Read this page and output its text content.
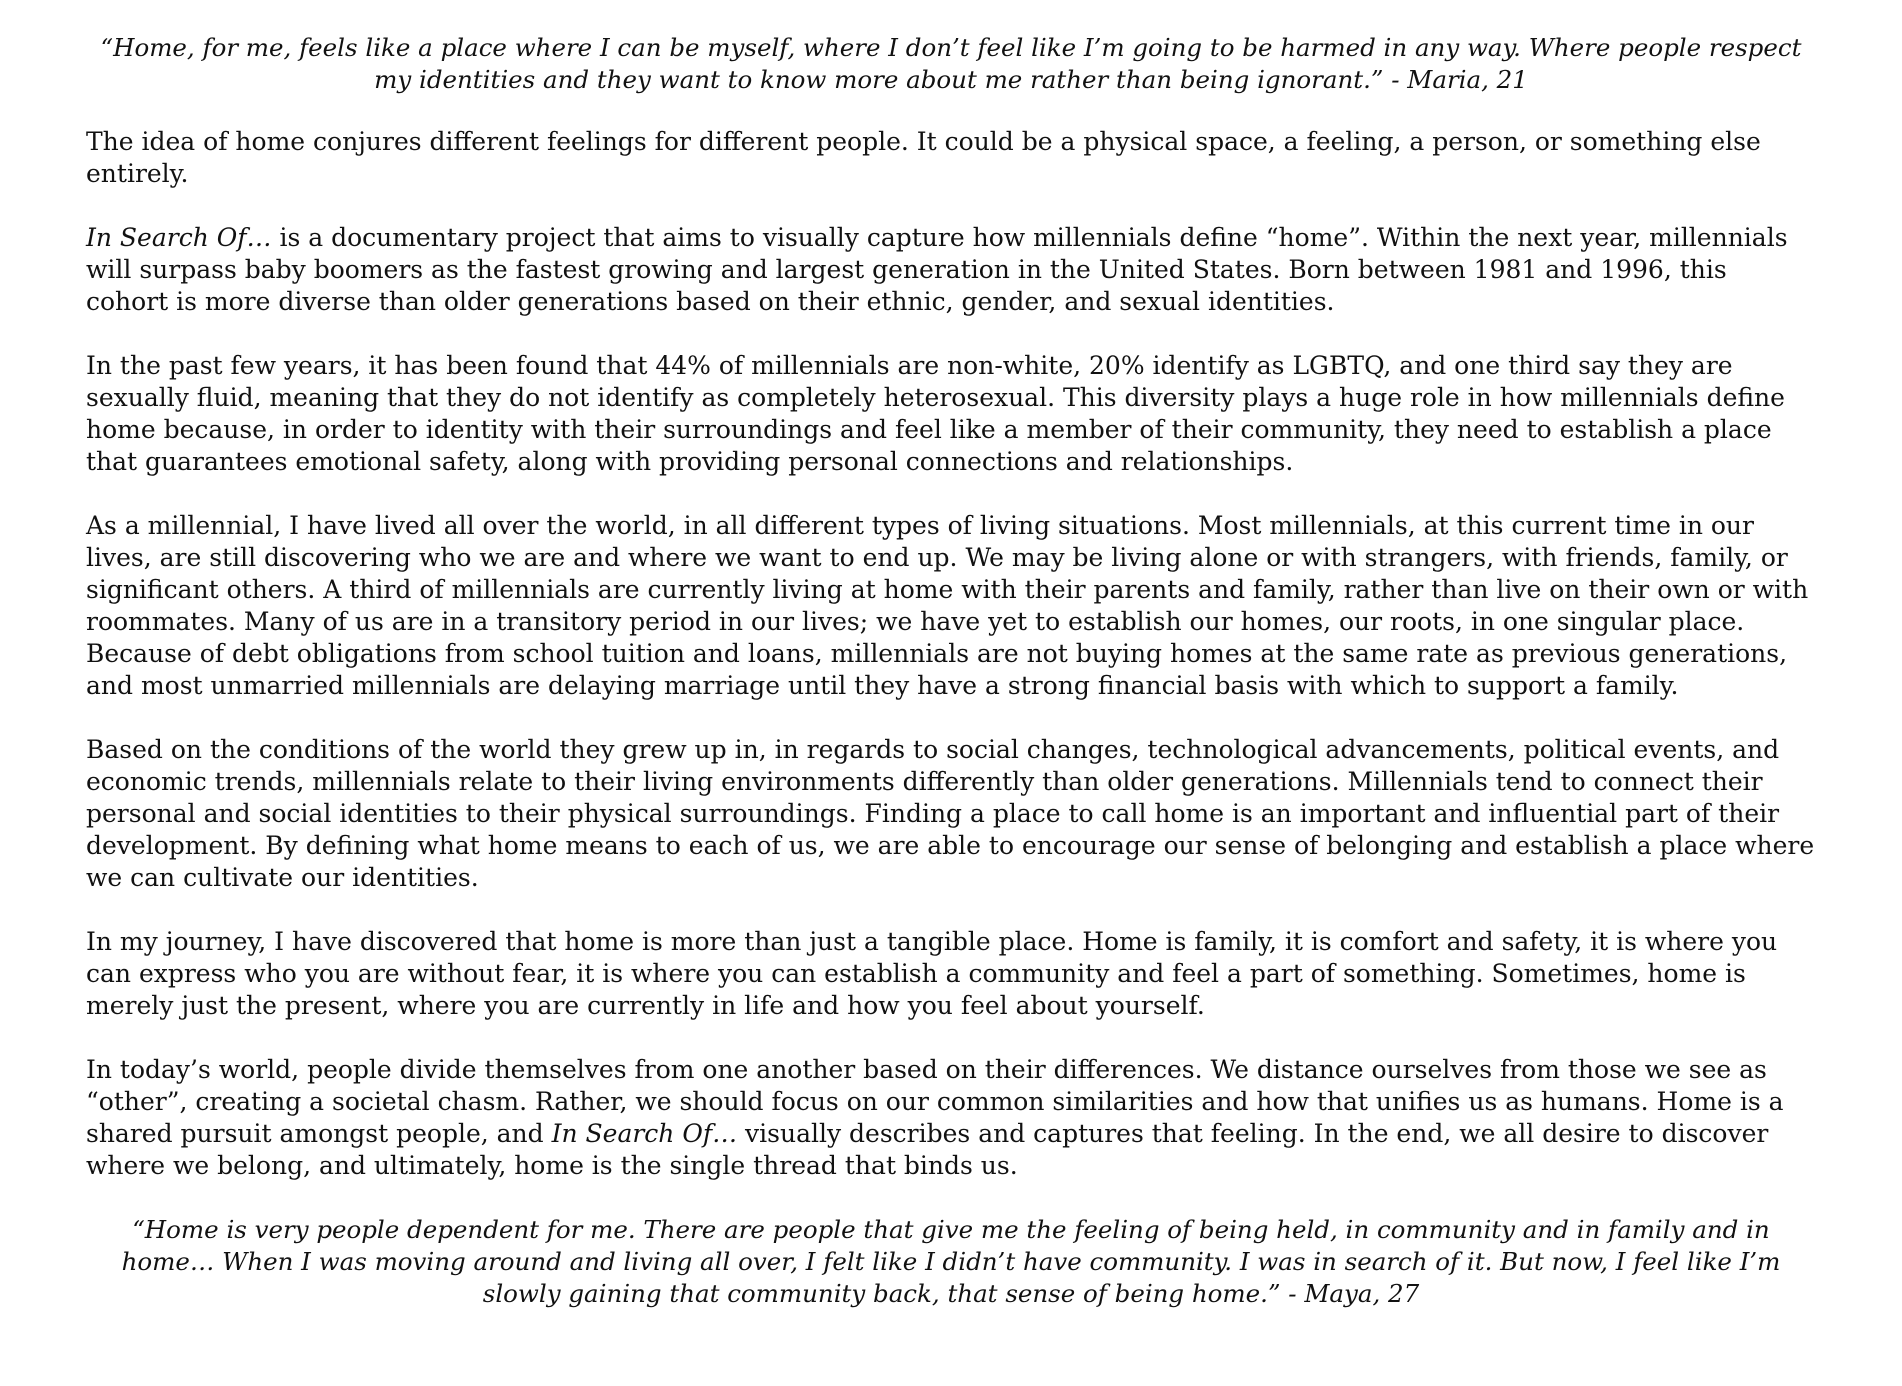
“Home, for me, feels like a place where I can be myself, where I don’t feel like I’m going to be harmed in any way. Where people respect my identities and they want to know more about me rather than being ignorant.” - Maria, 21

The idea of home conjures different feelings for different people. It could be a physical space, a feeling, a person, or something else entirely.

In Search Of… is a documentary project that aims to visually capture how millennials define “home”. Within the next year, millennials will surpass baby boomers as the fastest growing and largest generation in the United States. Born between 1981 and 1996, this cohort is more diverse than older generations based on their ethnic, gender, and sexual identities.

In the past few years, it has been found that 44% of millennials are non-white, 20% identify as LGBTQ, and one third say they are sexually fluid, meaning that they do not identify as completely heterosexual. This diversity plays a huge role in how millennials define home because, in order to identity with their surroundings and feel like a member of their community, they need to establish a place that guarantees emotional safety, along with providing personal connections and relationships.

As a millennial, I have lived all over the world, in all different types of living situations. Most millennials, at this current time in our lives, are still discovering who we are and where we want to end up. We may be living alone or with strangers, with friends, family, or significant others. A third of millennials are currently living at home with their parents and family, rather than live on their own or with roommates. Many of us are in a transitory period in our lives; we have yet to establish our homes, our roots, in one singular place. Because of debt obligations from school tuition and loans, millennials are not buying homes at the same rate as previous generations, and most unmarried millennials are delaying marriage until they have a strong financial basis with which to support a family.

Based on the conditions of the world they grew up in, in regards to social changes, technological advancements, political events, and economic trends, millennials relate to their living environments differently than older generations. Millennials tend to connect their personal and social identities to their physical surroundings. Finding a place to call home is an important and influential part of their development. By defining what home means to each of us, we are able to encourage our sense of belonging and establish a place where we can cultivate our identities.

In my journey, I have discovered that home is more than just a tangible place. Home is family, it is comfort and safety, it is where you can express who you are without fear, it is where you can establish a community and feel a part of something. Sometimes, home is merely just the present, where you are currently in life and how you feel about yourself.

In today’s world, people divide themselves from one another based on their differences. We distance ourselves from those we see as “other”, creating a societal chasm. Rather, we should focus on our common similarities and how that unifies us as humans. Home is a shared pursuit amongst people, and In Search Of… visually describes and captures that feeling. In the end, we all desire to discover where we belong, and ultimately, home is the single thread that binds us.

“Home is very people dependent for me. There are people that give me the feeling of being held, in community and in family and in home… When I was moving around and living all over, I felt like I didn’t have community. I was in search of it. But now, I feel like I’m slowly gaining that community back, that sense of being home.” - Maya, 27
